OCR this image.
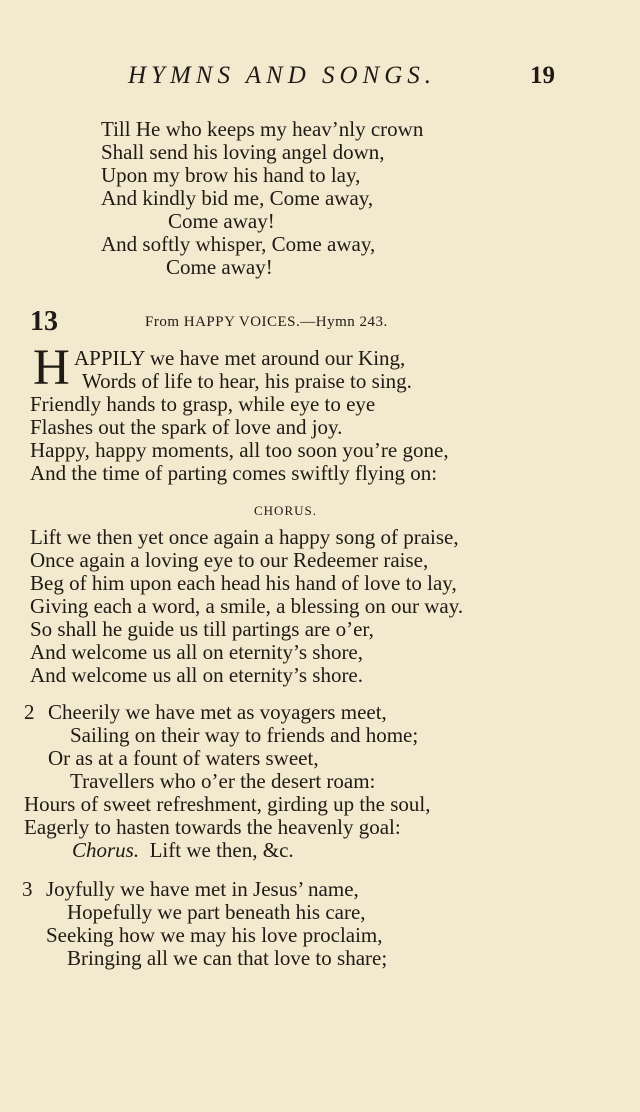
HYMNS AND SONGS.	19
Till He who keeps my heav’nly crown
Shall send his loving angel down,
Upon my brow his hand to lay,
And kindly bid me, Come away,
Come away!
And softly whisper, Come away,
Come away!
13	From HAPPY VOICES.—Hymn 243.
H APPILY we have met around our King,
Words of life to hear, his praise to sing.
Friendly hands to grasp, while eye to eye
Flashes out the spark of love and joy.
Happy, happy moments, all too soon you’re gone,
And the time of parting comes swiftly flying on:
CHORUS.
Lift we then yet once again a happy song of praise,
Once again a loving eye to our Redeemer raise,
Beg of him upon each head his hand of love to lay,
Giving each a word, a smile, a blessing on our way.
So shall he guide us till partings are o’er,
And welcome us all on eternity’s shore,
And welcome us all on eternity’s shore.
2 Cheerily we have met as voyagers meet,
Sailing on their way to friends and home;
Or as at a fount of waters sweet,
Travellers who o’er the desert roam:
Hours of sweet refreshment, girding up the soul,
Eagerly to hasten towards the heavenly goal:
Chorus. Lift we then, &c.
3 Joyfully we have met in Jesus’ name,
Hopefully we part beneath his care,
Seeking how we may his love proclaim,
Bringing all we can that love to share;
